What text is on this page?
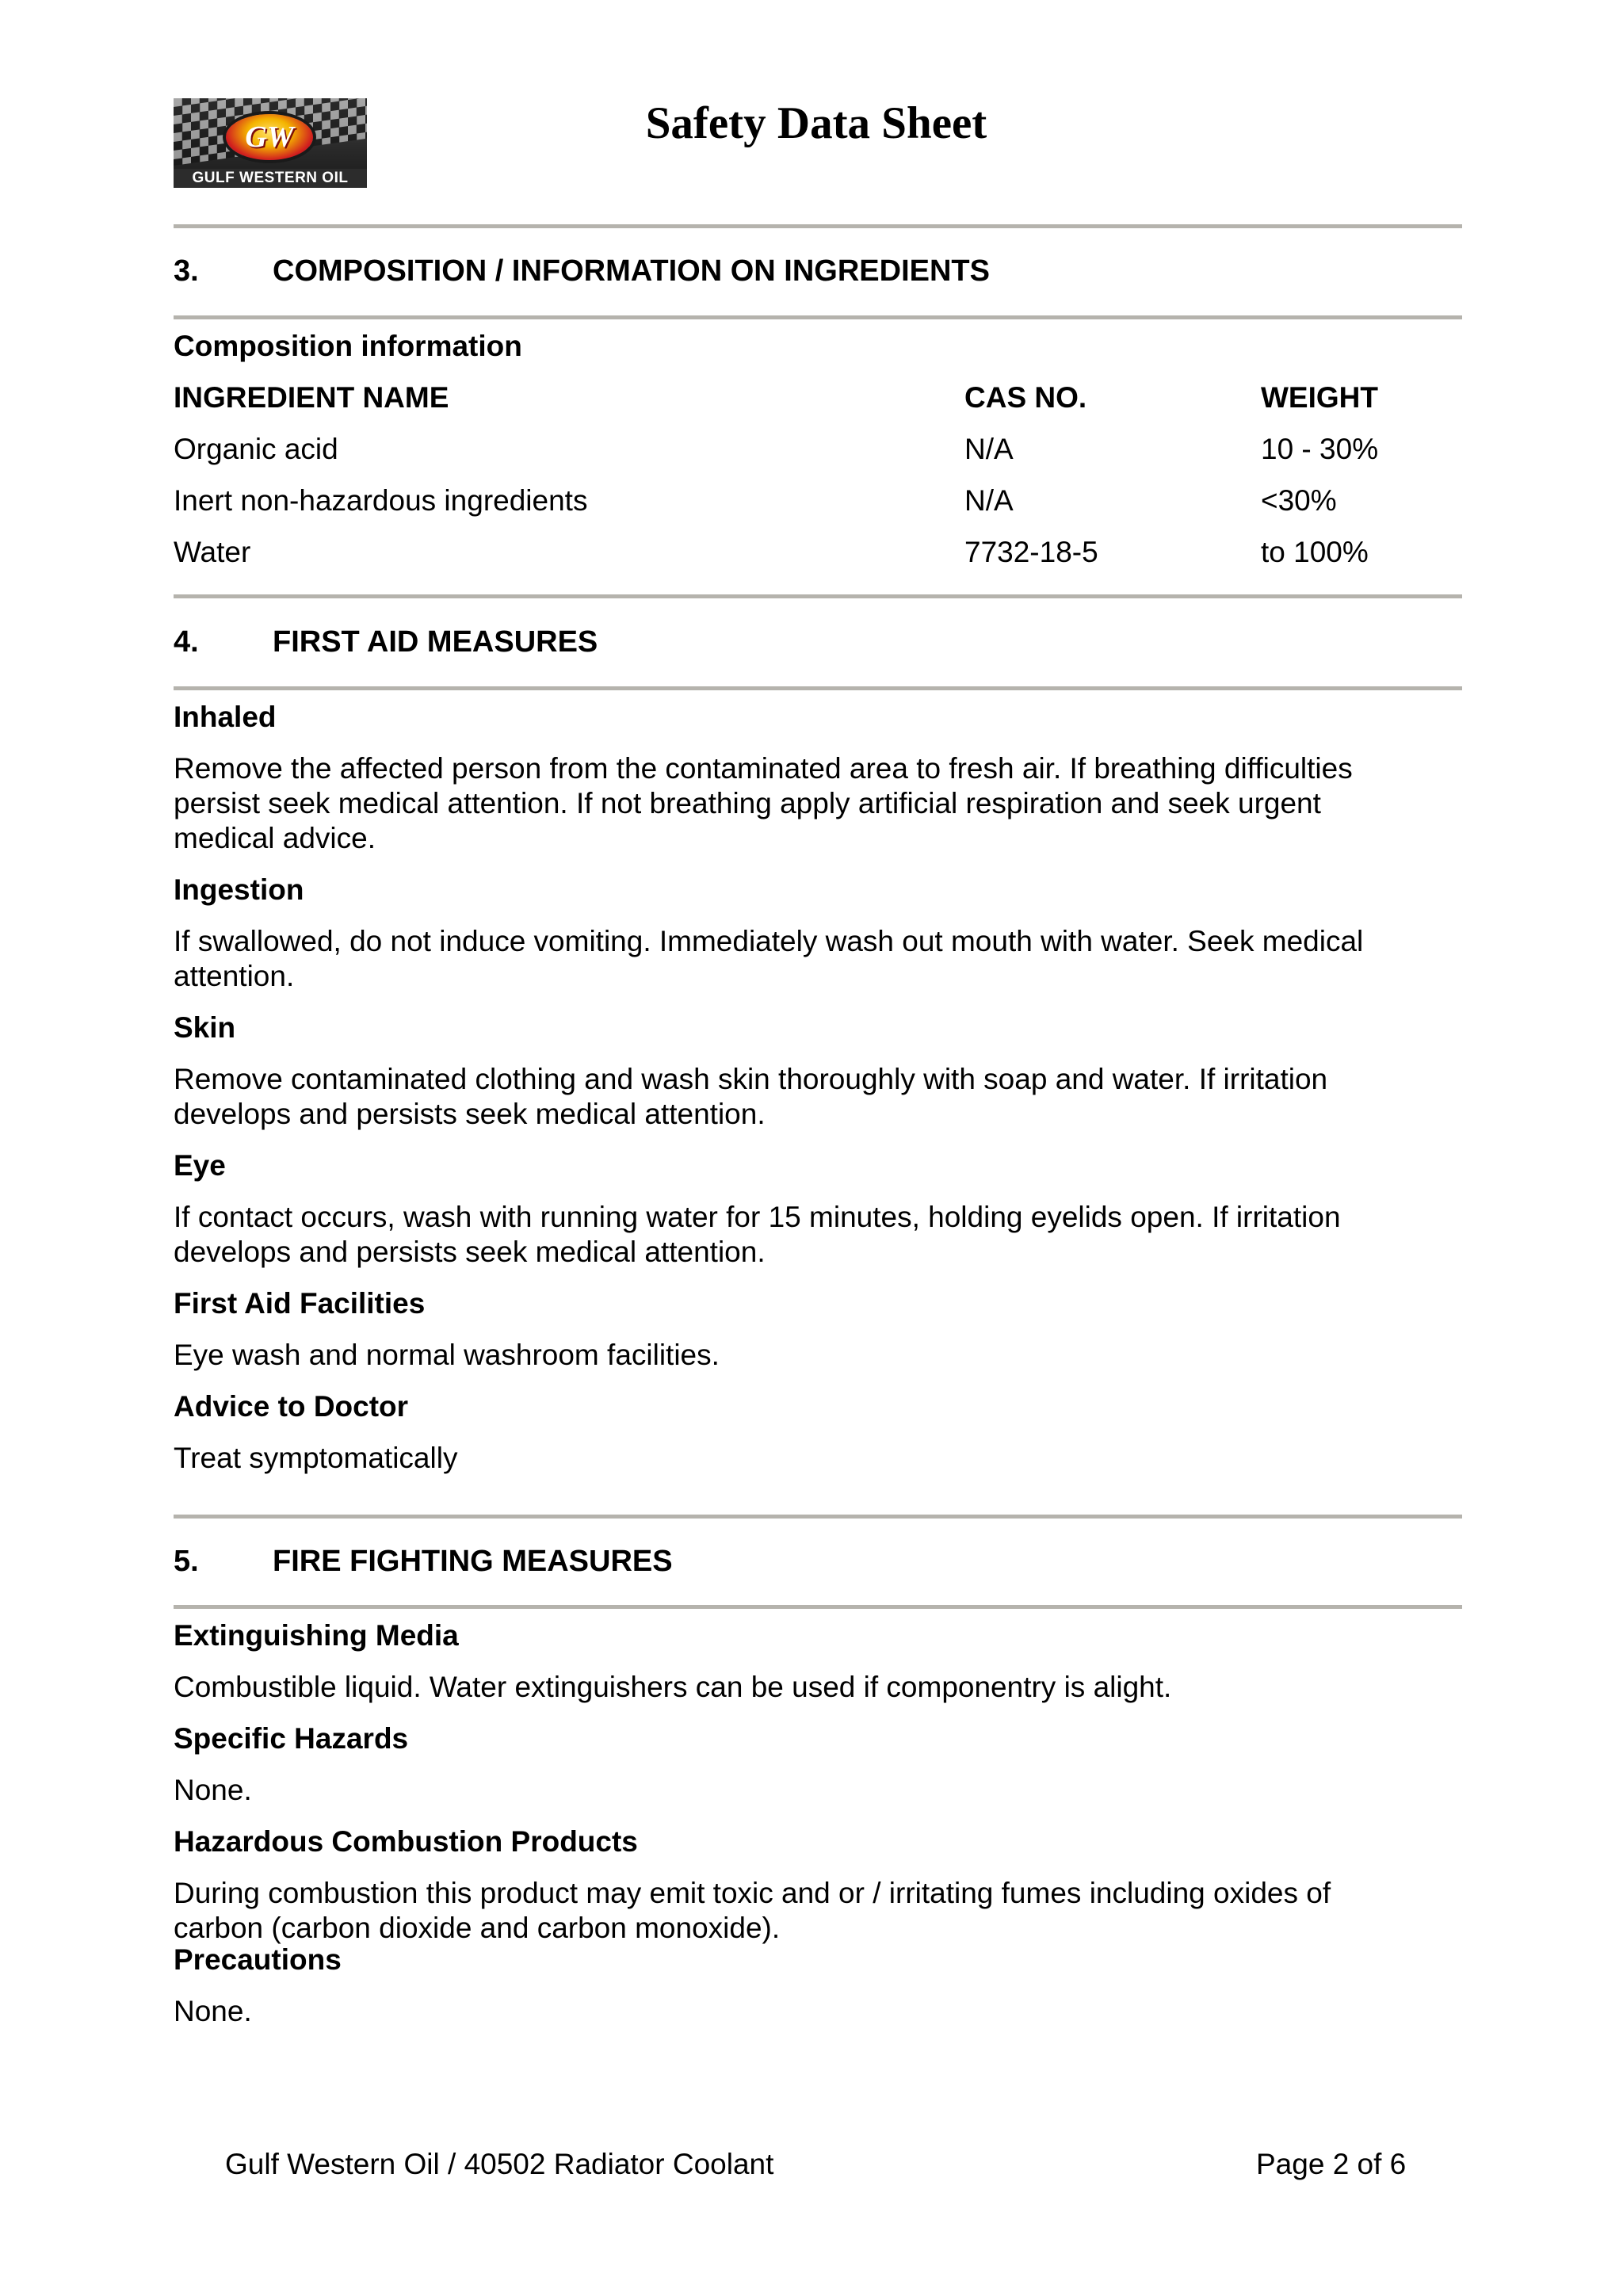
GW
GULF WESTERN OIL
Safety Data Sheet
3. COMPOSITION / INFORMATION ON INGREDIENTS
Composition information
INGREDIENT NAME	CAS NO.	WEIGHT
Organic acid	N/A	10 - 30%
Inert non-hazardous ingredients	N/A	<30%
Water	7732-18-5	to 100%
4. FIRST AID MEASURES
Inhaled
Remove the affected person from the contaminated area to fresh air. If breathing difficulties
persist seek medical attention. If not breathing apply artificial respiration and seek urgent
medical advice.
Ingestion
If swallowed, do not induce vomiting. Immediately wash out mouth with water. Seek medical
attention.
Skin
Remove contaminated clothing and wash skin thoroughly with soap and water. If irritation
develops and persists seek medical attention.
Eye
If contact occurs, wash with running water for 15 minutes, holding eyelids open. If irritation
develops and persists seek medical attention.
First Aid Facilities
Eye wash and normal washroom facilities.
Advice to Doctor
Treat symptomatically
5. FIRE FIGHTING MEASURES
Extinguishing Media
Combustible liquid. Water extinguishers can be used if componentry is alight.
Specific Hazards
None.
Hazardous Combustion Products
During combustion this product may emit toxic and or / irritating fumes including oxides of
carbon (carbon dioxide and carbon monoxide).
Precautions
None.
Gulf Western Oil / 40502 Radiator Coolant	Page 2 of 6
